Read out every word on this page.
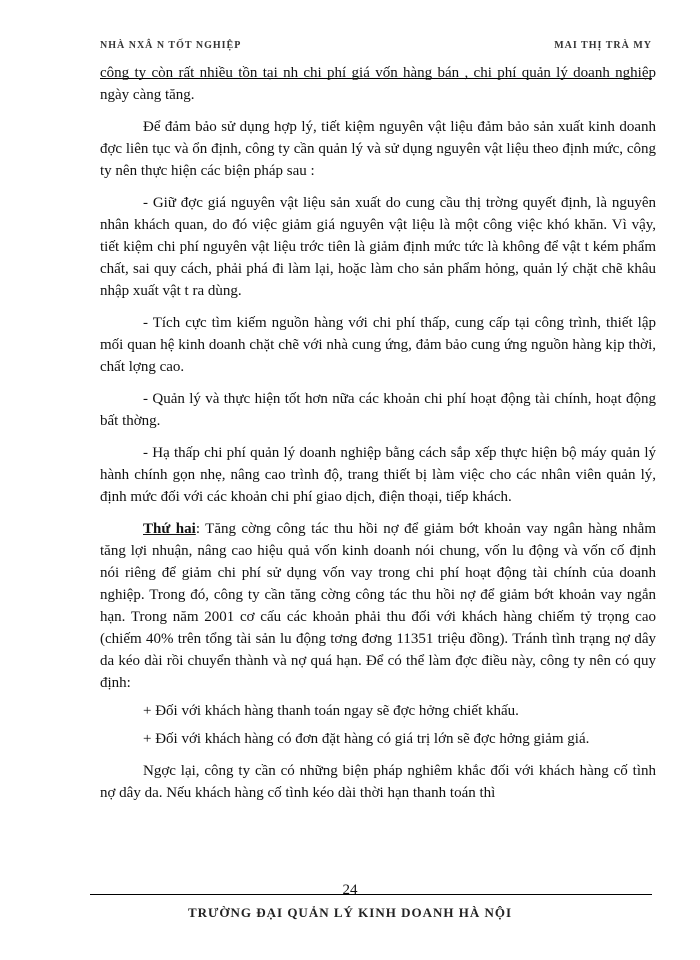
NHÀ NXÂ N TỐT NGHIỆP	MAI THỊ TRÀ MY

công ty còn rất nhiều tồn tại nh chi phí giá vốn hàng bán , chi phí quản lý doanh nghiệp ngày càng tăng.

Để đảm bảo sử dụng hợp lý, tiết kiệm nguyên vật liệu đảm bảo sản xuất kinh doanh đợc liên tục và ổn định, công ty cần quản lý và sử dụng nguyên vật liệu theo định mức, công ty nên thực hiện các biện pháp sau :

- Giữ đợc giá nguyên vật liệu sản xuất do cung cầu thị trờng quyết định, là nguyên nhân khách quan, do đó việc giảm giá nguyên vật liệu là một công việc khó khăn. Vì vậy, tiết kiệm chi phí nguyên vật liệu trớc tiên là giảm định mức tức là không để vật t kém phẩm chất, sai quy cách, phải phá đi làm lại, hoặc làm cho sản phẩm hỏng, quản lý chặt chẽ khâu nhập xuất vật t ra dùng.

- Tích cực tìm kiếm nguồn hàng với chi phí thấp, cung cấp tại công trình, thiết lập mối quan hệ kinh doanh chặt chẽ với nhà cung ứng, đảm bảo cung ứng nguồn hàng kịp thời, chất lợng cao.

- Quản lý và thực hiện tốt hơn nữa các khoản chi phí hoạt động tài chính, hoạt động bất thờng.

- Hạ thấp chi phí quản lý doanh nghiệp bằng cách sắp xếp thực hiện bộ máy quản lý hành chính gọn nhẹ, nâng cao trình độ, trang thiết bị làm việc cho các nhân viên quản lý, định mức đối với các khoản chi phí giao dịch, điện thoại, tiếp khách.

Thứ hai: Tăng cờng công tác thu hồi nợ để giảm bớt khoản vay ngân hàng nhằm tăng lợi nhuận, nâng cao hiệu quả vốn kinh doanh nói chung, vốn lu động và vốn cố định nói riêng để giảm chi phí sử dụng vốn vay trong chi phí hoạt động tài chính của doanh nghiệp. Trong đó, công ty cần tăng cờng công tác thu hồi nợ để giảm bớt khoản vay ngắn hạn. Trong năm 2001 cơ cấu các khoản phải thu đối với khách hàng chiếm tỷ trọng cao (chiếm 40% trên tổng tài sản lu động tơng đơng 11351 triệu đồng). Tránh tình trạng nợ dây da kéo dài rồi chuyển thành và nợ quá hạn. Để có thể làm đợc điều này, công ty nên có quy định:

+ Đối với khách hàng thanh toán ngay sẽ đợc hởng chiết khấu.

+ Đối với khách hàng có đơn đặt hàng có giá trị lớn sẽ đợc hởng giảm giá.

Ngợc lại, công ty cần có những biện pháp nghiêm khắc đối với khách hàng cố tình nợ dây da. Nếu khách hàng cố tình kéo dài thời hạn thanh toán thì

24
TRƯỜNG ĐẠI QUẢN LÝ KINH DOANH HÀ NỘI
